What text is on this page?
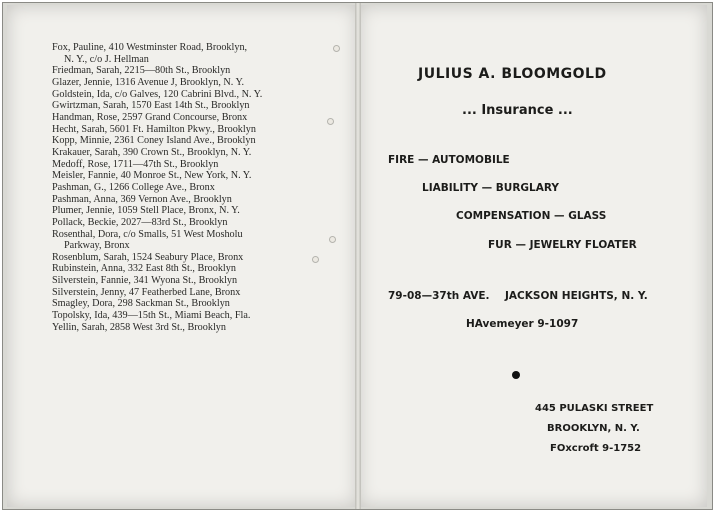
Fox, Pauline, 410 Westminster Road, Brooklyn,
N. Y., c/o J. Hellman
Friedman, Sarah, 2215—80th St., Brooklyn
Glazer, Jennie, 1316 Avenue J, Brooklyn, N. Y.
Goldstein, Ida, c/o Galves, 120 Cabrini Blvd., N. Y.
Gwirtzman, Sarah, 1570 East 14th St., Brooklyn
Handman, Rose, 2597 Grand Concourse, Bronx
Hecht, Sarah, 5601 Ft. Hamilton Pkwy., Brooklyn
Kopp, Minnie, 2361 Coney Island Ave., Brooklyn
Krakauer, Sarah, 390 Crown St., Brooklyn, N. Y.
Medoff, Rose, 1711—47th St., Brooklyn
Meisler, Fannie, 40 Monroe St., New York, N. Y.
Pashman, G., 1266 College Ave., Bronx
Pashman, Anna, 369 Vernon Ave., Brooklyn
Plumer, Jennie, 1059 Stell Place, Bronx, N. Y.
Pollack, Beckie, 2027—83rd St., Brooklyn
Rosenthal, Dora, c/o Smalls, 51 West Mosholu
Parkway, Bronx
Rosenblum, Sarah, 1524 Seabury Place, Bronx
Rubinstein, Anna, 332 East 8th St., Brooklyn
Silverstein, Fannie, 341 Wyona St., Brooklyn
Silverstein, Jenny, 47 Featherbed Lane, Bronx
Smagley, Dora, 298 Sackman St., Brooklyn
Topolsky, Ida, 439—15th St., Miami Beach, Fla.
Yellin, Sarah, 2858 West 3rd St., Brooklyn
JULIUS A. BLOOMGOLD
... Insurance ...
FIRE — AUTOMOBILE
LIABILITY — BURGLARY
COMPENSATION — GLASS
FUR — JEWELRY FLOATER
79-08—37th AVE. JACKSON HEIGHTS, N. Y.
HAvemeyer 9-1097
445 PULASKI STREET
BROOKLYN, N. Y.
FOxcroft 9-1752
